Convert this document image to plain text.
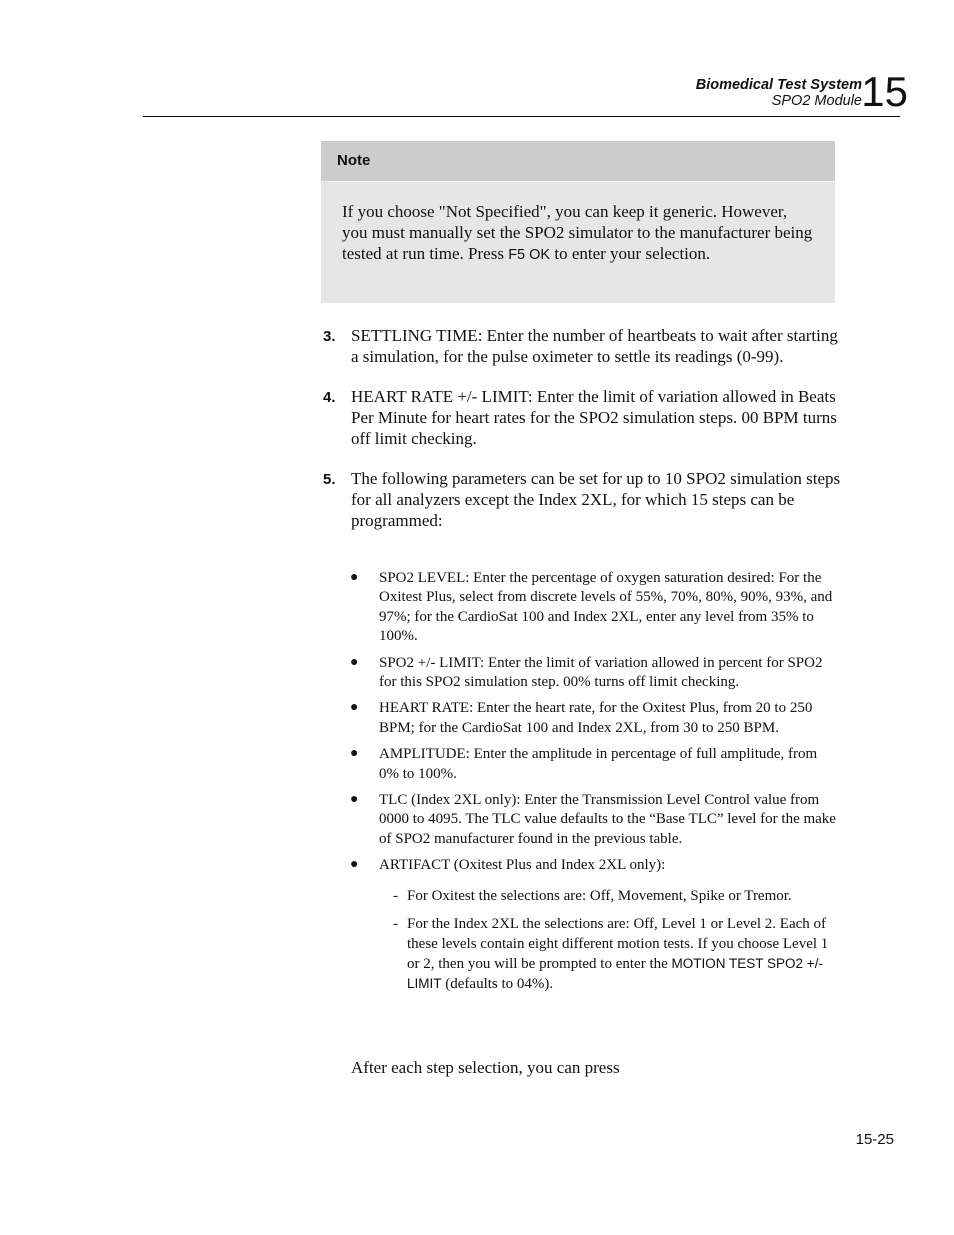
Biomedical Test System
SPO2 Module 15
Note
If you choose "Not Specified", you can keep it generic. However, you must manually set the SPO2 simulator to the manufacturer being tested at run time. Press F5 OK to enter your selection.
3. SETTLING TIME: Enter the number of heartbeats to wait after starting a simulation, for the pulse oximeter to settle its readings (0-99).
4. HEART RATE +/- LIMIT: Enter the limit of variation allowed in Beats Per Minute for heart rates for the SPO2 simulation steps. 00 BPM turns off limit checking.
5. The following parameters can be set for up to 10 SPO2 simulation steps for all analyzers except the Index 2XL, for which 15 steps can be programmed:
● SPO2 LEVEL: Enter the percentage of oxygen saturation desired: For the Oxitest Plus, select from discrete levels of 55%, 70%, 80%, 90%, 93%, and 97%; for the CardioSat 100 and Index 2XL, enter any level from 35% to 100%.
● SPO2 +/- LIMIT: Enter the limit of variation allowed in percent for SPO2 for this SPO2 simulation step. 00% turns off limit checking.
● HEART RATE: Enter the heart rate, for the Oxitest Plus, from 20 to 250 BPM; for the CardioSat 100 and Index 2XL, from 30 to 250 BPM.
● AMPLITUDE: Enter the amplitude in percentage of full amplitude, from 0% to 100%.
● TLC (Index 2XL only): Enter the Transmission Level Control value from 0000 to 4095. The TLC value defaults to the “Base TLC” level for the make of SPO2 manufacturer found in the previous table.
● ARTIFACT (Oxitest Plus and Index 2XL only):
- For Oxitest the selections are: Off, Movement, Spike or Tremor.
- For the Index 2XL the selections are: Off, Level 1 or Level 2. Each of these levels contain eight different motion tests. If you choose Level 1 or 2, then you will be prompted to enter the MOTION TEST SPO2 +/- LIMIT (defaults to 04%).
After each step selection, you can press
15-25
